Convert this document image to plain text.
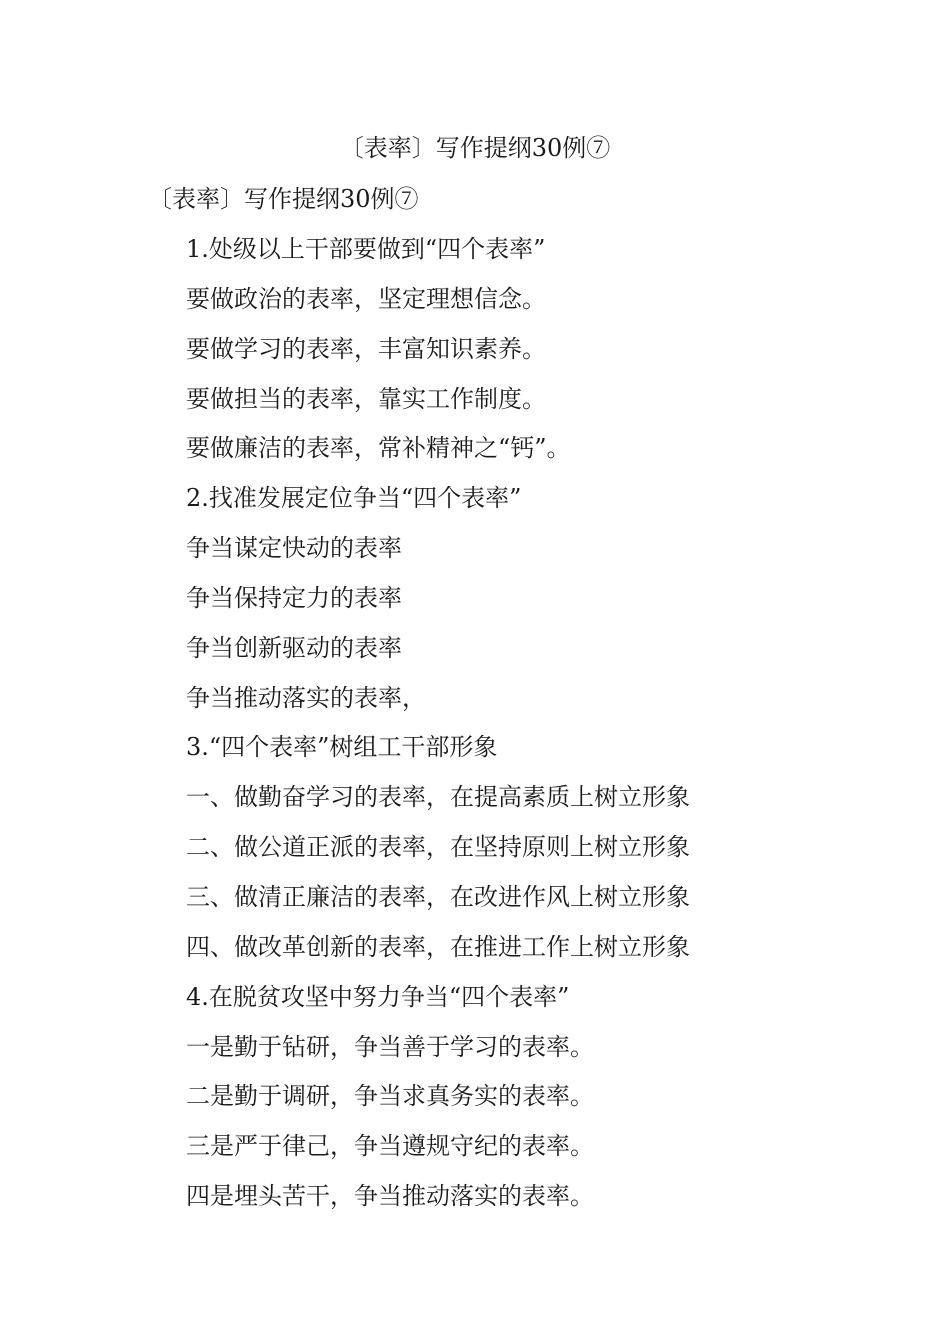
〔表率〕写作提纲30例⑦
〔表率〕写作提纲30例⑦
1.处级以上干部要做到“四个表率”
要做政治的表率，坚定理想信念。
要做学习的表率，丰富知识素养。
要做担当的表率，靠实工作制度。
要做廉洁的表率，常补精神之“钙”。
2.找准发展定位争当“四个表率”
争当谋定快动的表率
争当保持定力的表率
争当创新驱动的表率
争当推动落实的表率，
3.“四个表率”树组工干部形象
一、做勤奋学习的表率，在提高素质上树立形象
二、做公道正派的表率，在坚持原则上树立形象
三、做清正廉洁的表率，在改进作风上树立形象
四、做改革创新的表率，在推进工作上树立形象
4.在脱贫攻坚中努力争当“四个表率”
一是勤于钻研，争当善于学习的表率。
二是勤于调研，争当求真务实的表率。
三是严于律己，争当遵规守纪的表率。
四是埋头苦干，争当推动落实的表率。
